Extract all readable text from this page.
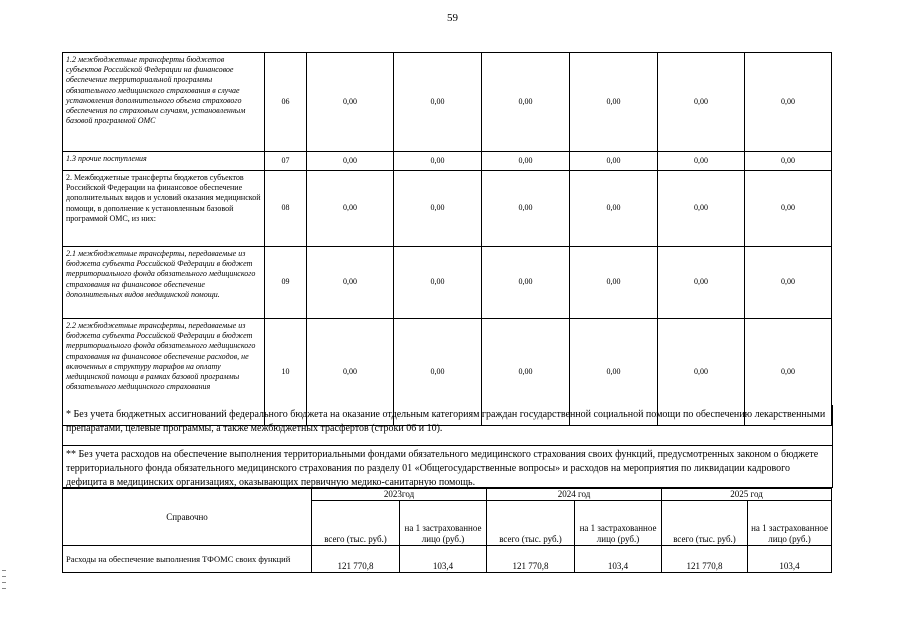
59
1.2 межбюджетные трансферты бюджетов субъектов Российской Федерации на финансовое обеспечение территориальной программы обязательного медицинского страхования в случае установления дополнительного объема страхового обеспечения по страховым случаям, установленным базовой программой ОМС	06	0,00	0,00	0,00	0,00	0,00	0,00
1.3 прочие поступления	07	0,00	0,00	0,00	0,00	0,00	0,00
2. Межбюджетные трансферты бюджетов субъектов Российской Федерации на финансовое обеспечение дополнительных видов и условий оказания медицинской помощи, в дополнение к установленным базовой программой ОМС, из них:	08	0,00	0,00	0,00	0,00	0,00	0,00
2.1 межбюджетные трансферты, передаваемые из бюджета субъекта Российской Федерации в бюджет территориального фонда обязательного медицинского страхования на финансовое обеспечение дополнительных видов медицинской помощи.	09	0,00	0,00	0,00	0,00	0,00	0,00
2.2 межбюджетные трансферты, передаваемые из бюджета субъекта Российской Федерации в бюджет территориального фонда обязательного медицинского страхования на финансовое обеспечение расходов, не включенных в структуру тарифов на оплату медицинской помощи в рамках базовой программы обязательного медицинского страхования	10	0,00	0,00	0,00	0,00	0,00	0,00
* Без учета бюджетных ассигнований федерального бюджета на оказание отдельным категориям граждан государственной социальной помощи по обеспечению лекарственными препаратами, целевые программы, а также межбюджетных трасфертов (строки 06 и 10).
** Без учета расходов на обеспечение выполнения территориальными фондами обязательного медицинского страхования своих функций, предусмотренных законом о бюджете территориального фонда обязательного медицинского страхования по разделу 01 «Общегосударственные вопросы» и расходов на мероприятия по ликвидации кадрового дефицита в медицинских организациях, оказывающих первичную медико-санитарную помощь.
Справочно	2023год		2024 год		2025 год	
	всего (тыс. руб.)	на 1 застрахованное лицо (руб.)	всего (тыс. руб.)	на 1 застрахованное лицо (руб.)	всего (тыс. руб.)	на 1 застрахованное лицо (руб.)
Расходы на обеспечение выполнения ТФОМС своих функций	121 770,8	103,4	121 770,8	103,4	121 770,8	103,4
